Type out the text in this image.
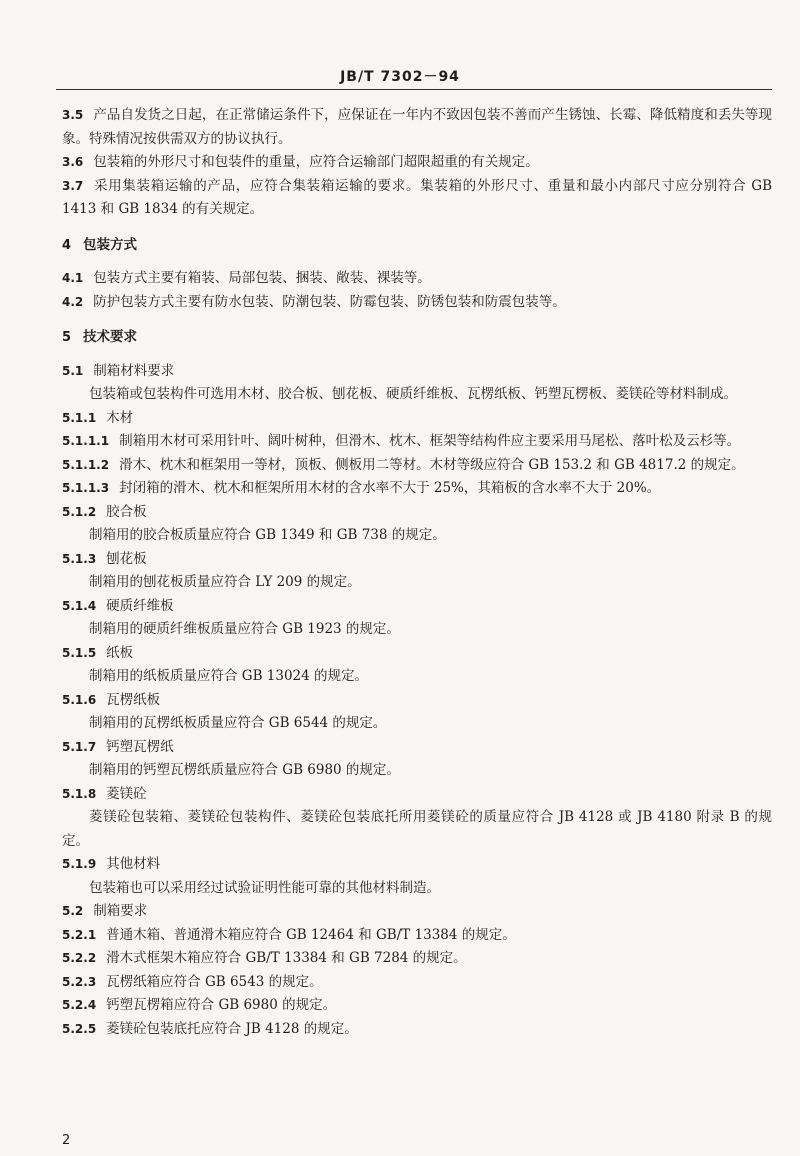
JB/T 7302－94

3.5 产品自发货之日起，在正常储运条件下，应保证在一年内不致因包装不善而产生锈蚀、长霉、降低精度和丢失等现象。特殊情况按供需双方的协议执行。

3.6 包装箱的外形尺寸和包装件的重量，应符合运输部门超限超重的有关规定。

3.7 采用集装箱运输的产品，应符合集装箱运输的要求。集装箱的外形尺寸、重量和最小内部尺寸应分别符合 GB 1413 和 GB 1834 的有关规定。

4 包装方式

4.1 包装方式主要有箱装、局部包装、捆装、敞装、裸装等。

4.2 防护包装方式主要有防水包装、防潮包装、防霉包装、防锈包装和防震包装等。

5 技术要求

5.1 制箱材料要求

包装箱或包装构件可选用木材、胶合板、刨花板、硬质纤维板、瓦楞纸板、钙塑瓦楞板、菱镁砼等材料制成。

5.1.1 木材

5.1.1.1 制箱用木材可采用针叶、阔叶树种，但滑木、枕木、框架等结构件应主要采用马尾松、落叶松及云杉等。

5.1.1.2 滑木、枕木和框架用一等材，顶板、侧板用二等材。木材等级应符合 GB 153.2 和 GB 4817.2 的规定。

5.1.1.3 封闭箱的滑木、枕木和框架所用木材的含水率不大于 25%，其箱板的含水率不大于 20%。

5.1.2 胶合板

制箱用的胶合板质量应符合 GB 1349 和 GB 738 的规定。

5.1.3 刨花板

制箱用的刨花板质量应符合 LY 209 的规定。

5.1.4 硬质纤维板

制箱用的硬质纤维板质量应符合 GB 1923 的规定。

5.1.5 纸板

制箱用的纸板质量应符合 GB 13024 的规定。

5.1.6 瓦楞纸板

制箱用的瓦楞纸板质量应符合 GB 6544 的规定。

5.1.7 钙塑瓦楞纸

制箱用的钙塑瓦楞纸质量应符合 GB 6980 的规定。

5.1.8 菱镁砼

菱镁砼包装箱、菱镁砼包装构件、菱镁砼包装底托所用菱镁砼的质量应符合 JB 4128 或 JB 4180 附录 B 的规定。

5.1.9 其他材料

包装箱也可以采用经过试验证明性能可靠的其他材料制造。

5.2 制箱要求

5.2.1 普通木箱、普通滑木箱应符合 GB 12464 和 GB/T 13384 的规定。

5.2.2 滑木式框架木箱应符合 GB/T 13384 和 GB 7284 的规定。

5.2.3 瓦楞纸箱应符合 GB 6543 的规定。

5.2.4 钙塑瓦楞箱应符合 GB 6980 的规定。

5.2.5 菱镁砼包装底托应符合 JB 4128 的规定。

2
